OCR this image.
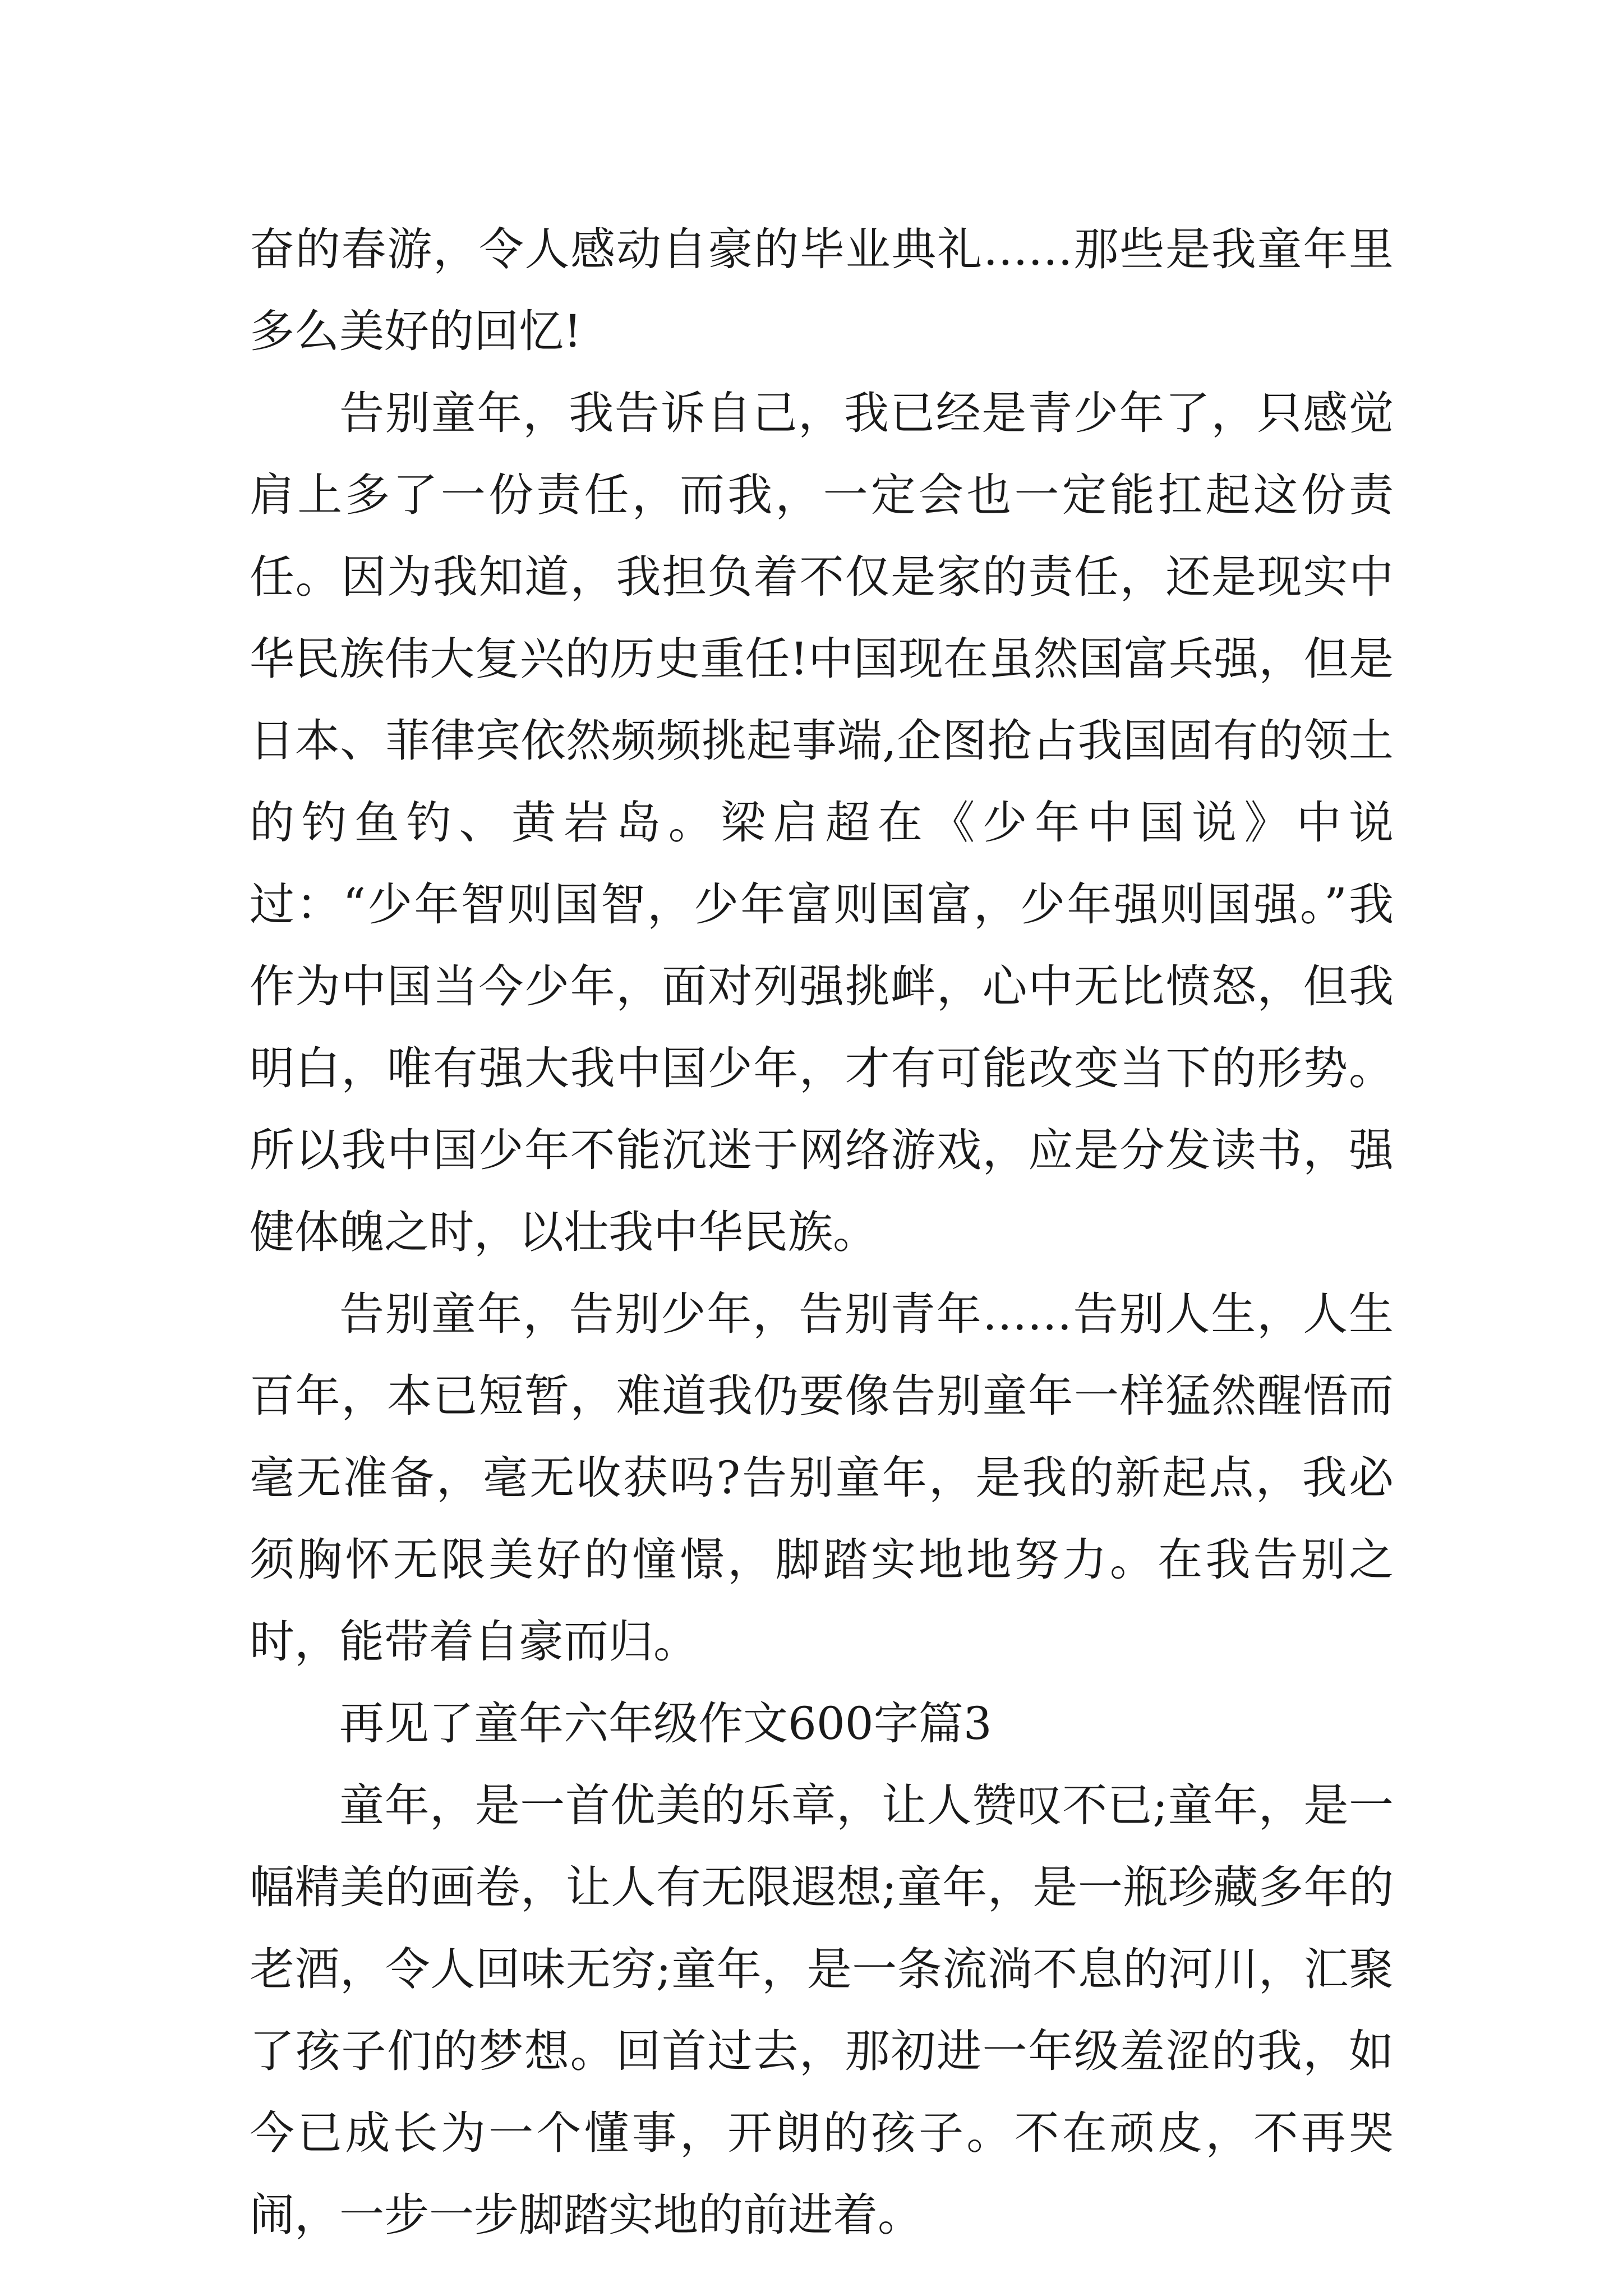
奋的春游，令人感动自豪的毕业典礼……那些是我童年里多么美好的回忆!

告别童年，我告诉自己，我已经是青少年了，只感觉肩上多了一份责任，而我，一定会也一定能扛起这份责任。因为我知道，我担负着不仅是家的责任，还是现实中华民族伟大复兴的历史重任!中国现在虽然国富兵强，但是日本、菲律宾依然频频挑起事端,企图抢占我国固有的领土的钓鱼钓、黄岩岛。梁启超在《少年中国说》中说过：“少年智则国智，少年富则国富，少年强则国强。”我作为中国当今少年，面对列强挑衅，心中无比愤怒，但我明白，唯有强大我中国少年，才有可能改变当下的形势。所以我中国少年不能沉迷于网络游戏，应是分发读书，强健体魄之时，以壮我中华民族。

告别童年，告别少年，告别青年……告别人生，人生百年，本已短暂，难道我仍要像告别童年一样猛然醒悟而毫无准备，毫无收获吗?告别童年，是我的新起点，我必须胸怀无限美好的憧憬，脚踏实地地努力。在我告别之时，能带着自豪而归。

再见了童年六年级作文600字篇3

童年，是一首优美的乐章，让人赞叹不已;童年，是一幅精美的画卷，让人有无限遐想;童年，是一瓶珍藏多年的老酒，令人回味无穷;童年，是一条流淌不息的河川，汇聚了孩子们的梦想。回首过去，那初进一年级羞涩的我，如今已成长为一个懂事，开朗的孩子。不在顽皮，不再哭闹，一步一步脚踏实地的前进着。
